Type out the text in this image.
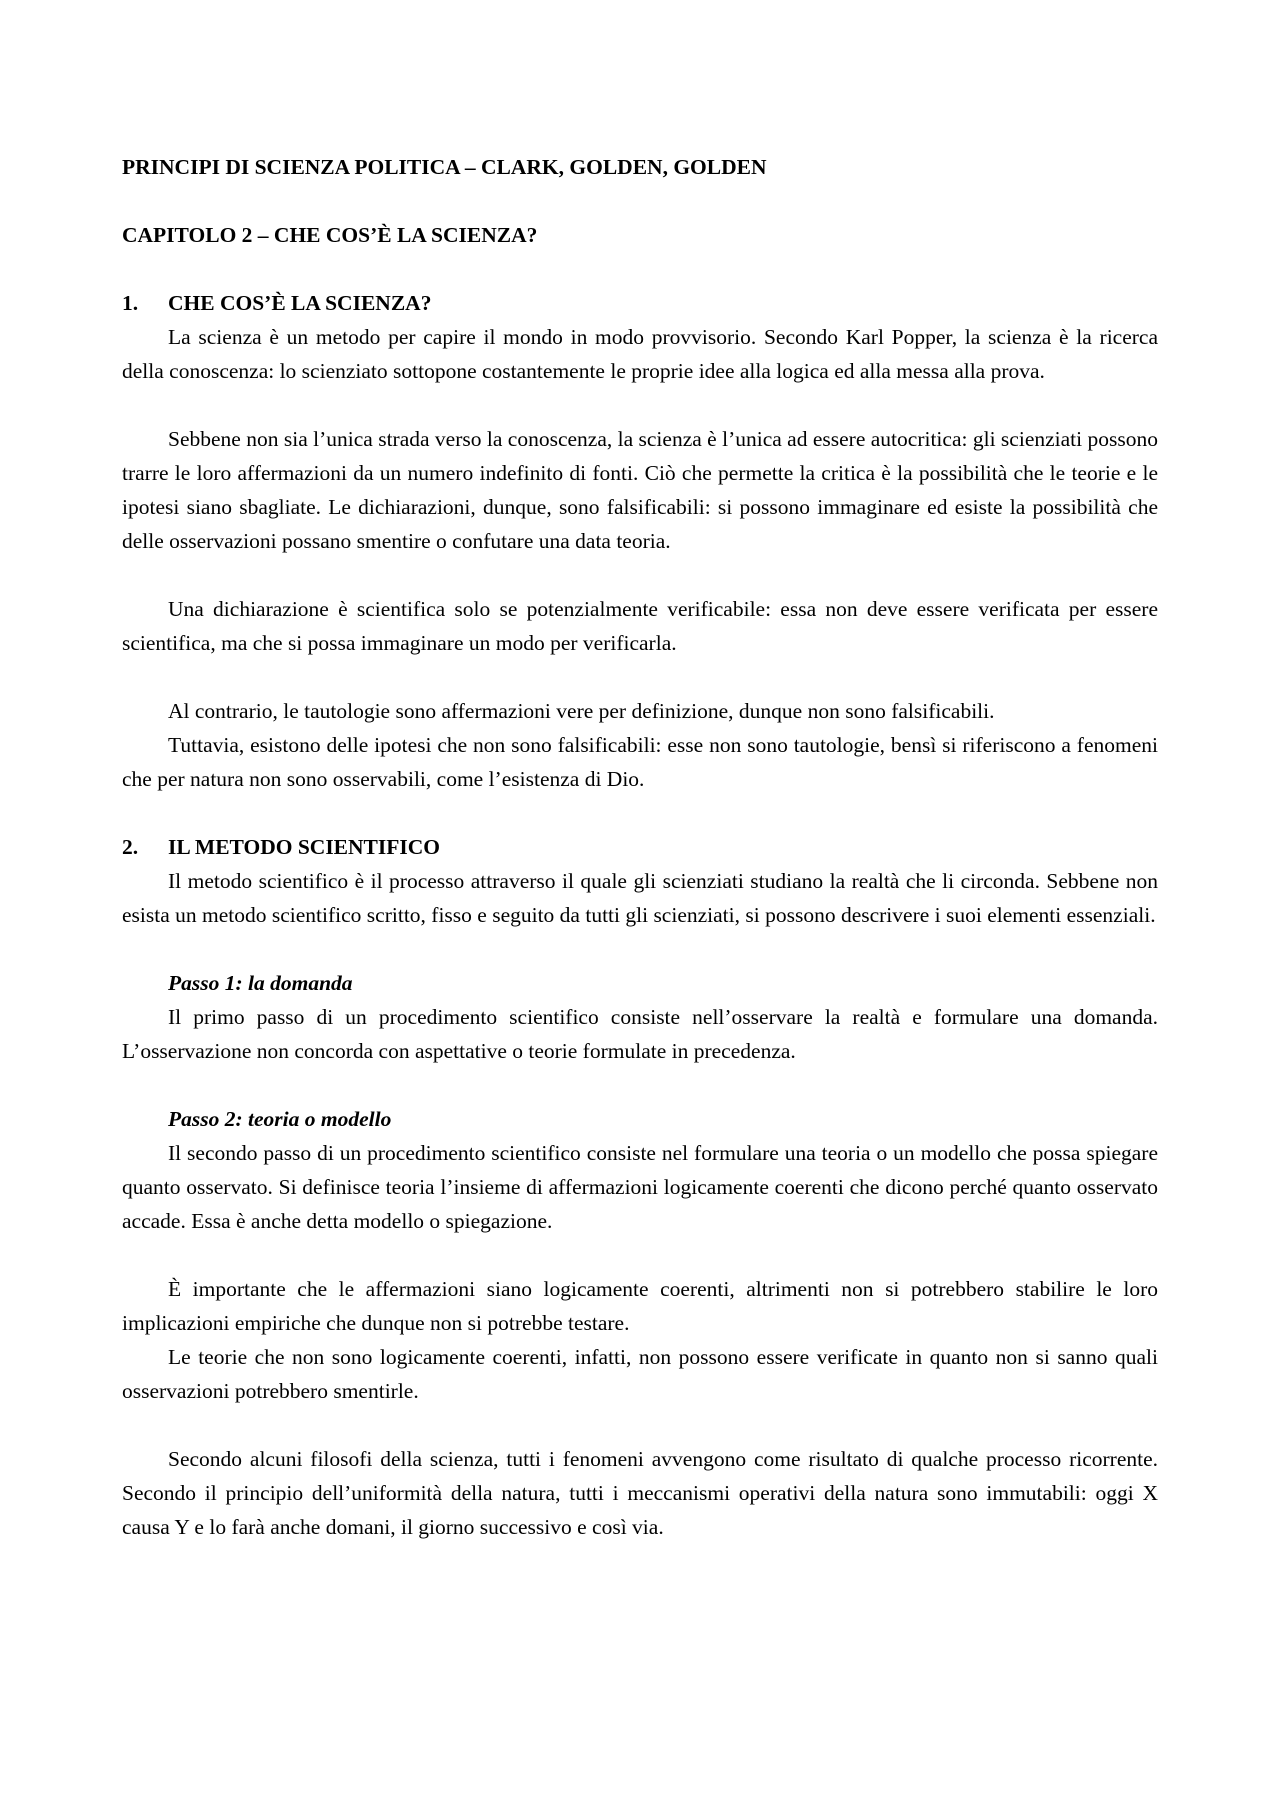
PRINCIPI DI SCIENZA POLITICA – CLARK, GOLDEN, GOLDEN
CAPITOLO 2 – CHE COS’È LA SCIENZA?
1.	CHE COS’È LA SCIENZA?

La scienza è un metodo per capire il mondo in modo provvisorio. Secondo Karl Popper, la scienza è la ricerca della conoscenza: lo scienziato sottopone costantemente le proprie idee alla logica ed alla messa alla prova.

Sebbene non sia l’unica strada verso la conoscenza, la scienza è l’unica ad essere autocritica: gli scienziati possono trarre le loro affermazioni da un numero indefinito di fonti. Ciò che permette la critica è la possibilità che le teorie e le ipotesi siano sbagliate. Le dichiarazioni, dunque, sono falsificabili: si possono immaginare ed esiste la possibilità che delle osservazioni possano smentire o confutare una data teoria.

Una dichiarazione è scientifica solo se potenzialmente verificabile: essa non deve essere verificata per essere scientifica, ma che si possa immaginare un modo per verificarla.

Al contrario, le tautologie sono affermazioni vere per definizione, dunque non sono falsificabili.

Tuttavia, esistono delle ipotesi che non sono falsificabili: esse non sono tautologie, bensì si riferiscono a fenomeni che per natura non sono osservabili, come l’esistenza di Dio.

2.	IL METODO SCIENTIFICO

Il metodo scientifico è il processo attraverso il quale gli scienziati studiano la realtà che li circonda. Sebbene non esista un metodo scientifico scritto, fisso e seguito da tutti gli scienziati, si possono descrivere i suoi elementi essenziali.

Passo 1: la domanda

Il primo passo di un procedimento scientifico consiste nell’osservare la realtà e formulare una domanda. L’osservazione non concorda con aspettative o teorie formulate in precedenza.

Passo 2: teoria o modello

Il secondo passo di un procedimento scientifico consiste nel formulare una teoria o un modello che possa spiegare quanto osservato. Si definisce teoria l’insieme di affermazioni logicamente coerenti che dicono perché quanto osservato accade. Essa è anche detta modello o spiegazione.

È importante che le affermazioni siano logicamente coerenti, altrimenti non si potrebbero stabilire le loro implicazioni empiriche che dunque non si potrebbe testare.

Le teorie che non sono logicamente coerenti, infatti, non possono essere verificate in quanto non si sanno quali osservazioni potrebbero smentirle.

Secondo alcuni filosofi della scienza, tutti i fenomeni avvengono come risultato di qualche processo ricorrente. Secondo il principio dell’uniformità della natura, tutti i meccanismi operativi della natura sono immutabili: oggi X causa Y e lo farà anche domani, il giorno successivo e così via.
